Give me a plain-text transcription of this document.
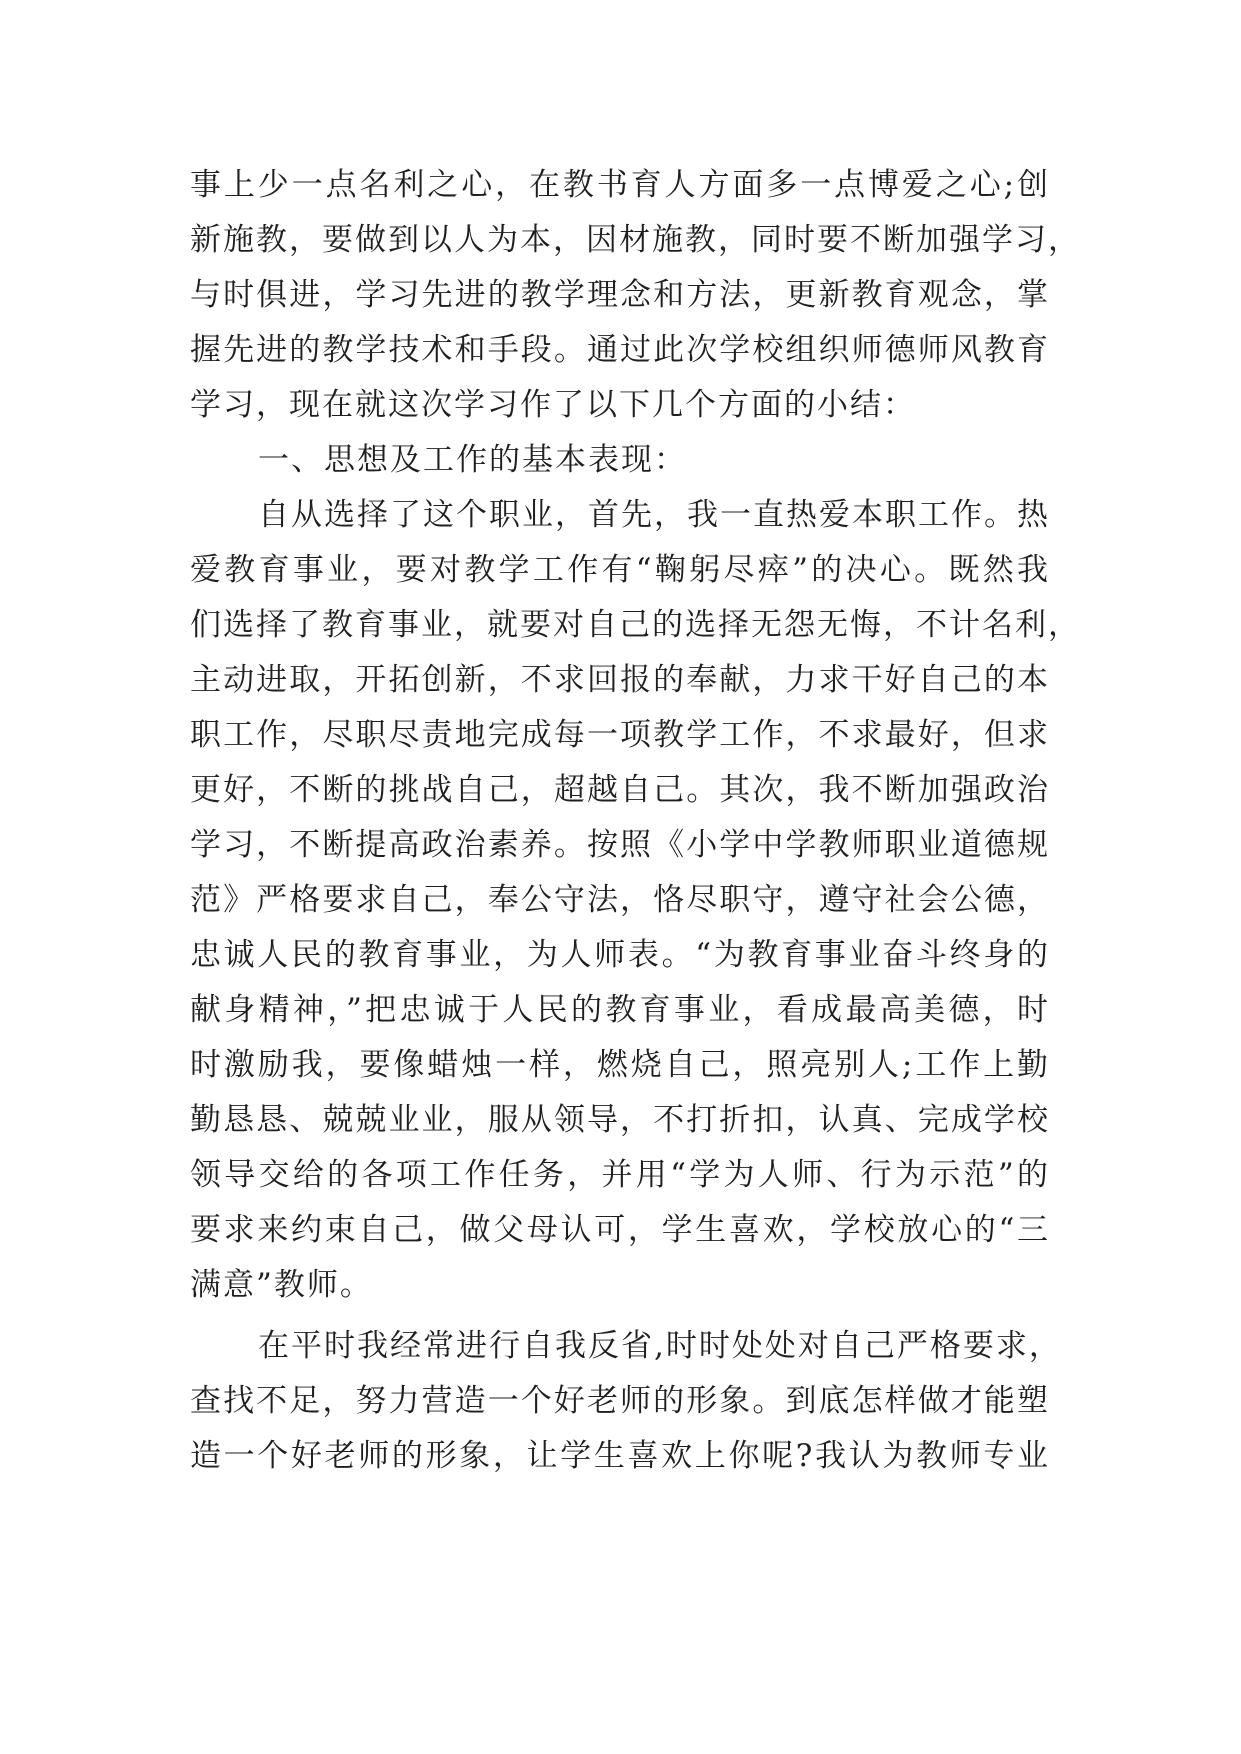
事上少一点名利之心，在教书育人方面多一点博爱之心;创
新施教，要做到以人为本，因材施教，同时要不断加强学习，
与时俱进，学习先进的教学理念和方法，更新教育观念，掌
握先进的教学技术和手段。通过此次学校组织师德师风教育
学习，现在就这次学习作了以下几个方面的小结：
一、思想及工作的基本表现：
自从选择了这个职业，首先，我一直热爱本职工作。热
爱教育事业，要对教学工作有“鞠躬尽瘁”的决心。既然我
们选择了教育事业，就要对自己的选择无怨无悔，不计名利，
主动进取，开拓创新，不求回报的奉献，力求干好自己的本
职工作，尽职尽责地完成每一项教学工作，不求最好，但求
更好，不断的挑战自己，超越自己。其次，我不断加强政治
学习，不断提高政治素养。按照《小学中学教师职业道德规
范》严格要求自己，奉公守法，恪尽职守，遵守社会公德，
忠诚人民的教育事业，为人师表。“为教育事业奋斗终身的
献身精神，”把忠诚于人民的教育事业，看成最高美德，时
时激励我，要像蜡烛一样，燃烧自己，照亮别人;工作上勤
勤恳恳、兢兢业业，服从领导，不打折扣，认真、完成学校
领导交给的各项工作任务，并用“学为人师、行为示范”的
要求来约束自己，做父母认可，学生喜欢，学校放心的“三
满意”教师。
在平时我经常进行自我反省,时时处处对自己严格要求，
查找不足，努力营造一个好老师的形象。到底怎样做才能塑
造一个好老师的形象，让学生喜欢上你呢?我认为教师专业
